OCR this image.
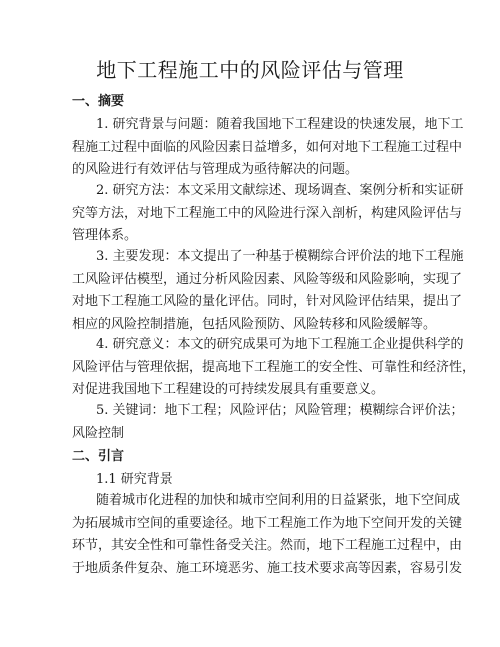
地下工程施工中的风险评估与管理
一、摘要
1. 研究背景与问题：随着我国地下工程建设的快速发展，地下工
程施工过程中面临的风险因素日益增多，如何对地下工程施工过程中
的风险进行有效评估与管理成为亟待解决的问题。
2. 研究方法：本文采用文献综述、现场调查、案例分析和实证研
究等方法，对地下工程施工中的风险进行深入剖析，构建风险评估与
管理体系。
3. 主要发现：本文提出了一种基于模糊综合评价法的地下工程施
工风险评估模型，通过分析风险因素、风险等级和风险影响，实现了
对地下工程施工风险的量化评估。同时，针对风险评估结果，提出了
相应的风险控制措施，包括风险预防、风险转移和风险缓解等。
4. 研究意义：本文的研究成果可为地下工程施工企业提供科学的
风险评估与管理依据，提高地下工程施工的安全性、可靠性和经济性，
对促进我国地下工程建设的可持续发展具有重要意义。
5. 关键词：地下工程；风险评估；风险管理；模糊综合评价法；
风险控制
二、引言
1.1 研究背景
随着城市化进程的加快和城市空间利用的日益紧张，地下空间成
为拓展城市空间的重要途径。地下工程施工作为地下空间开发的关键
环节，其安全性和可靠性备受关注。然而，地下工程施工过程中，由
于地质条件复杂、施工环境恶劣、施工技术要求高等因素，容易引发
